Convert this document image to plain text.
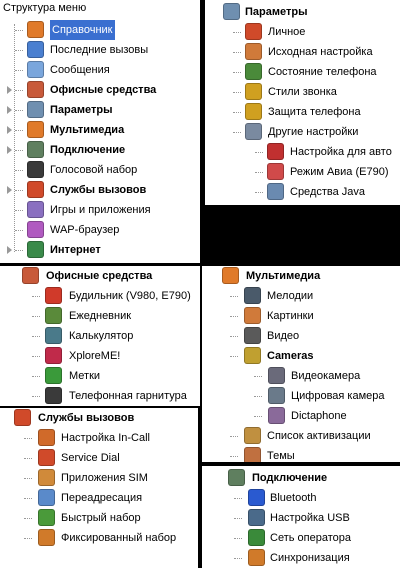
Структура меню
Справочник
Последние вызовы
Сообщения
Офисные средства
Параметры
Мультимедиа
Подключение
Голосовой набор
Службы вызовов
Игры и приложения
WAP-браузер
Интернет
Параметры
Личное
Исходная настройка
Состояние телефона
Стили звонка
Защита телефона
Другие настройки
Настройка для авто
Режим Авиа (E790)
Средства Java
Офисные средства
Будильник (V980, E790)
Ежедневник
Калькулятор
XploreME!
Метки
Телефонная гарнитура
Мультимедиа
Мелодии
Картинки
Видео
Cameras
Видеокамера
Цифровая камера
Dictaphone
Список активизации
Темы
Службы вызовов
Настройка In-Call
Service Dial
Приложения SIM
Переадресация
Быстрый набор
Фиксированный набор
Подключение
Bluetooth
Настройка USB
Сеть оператора
Синхронизация
